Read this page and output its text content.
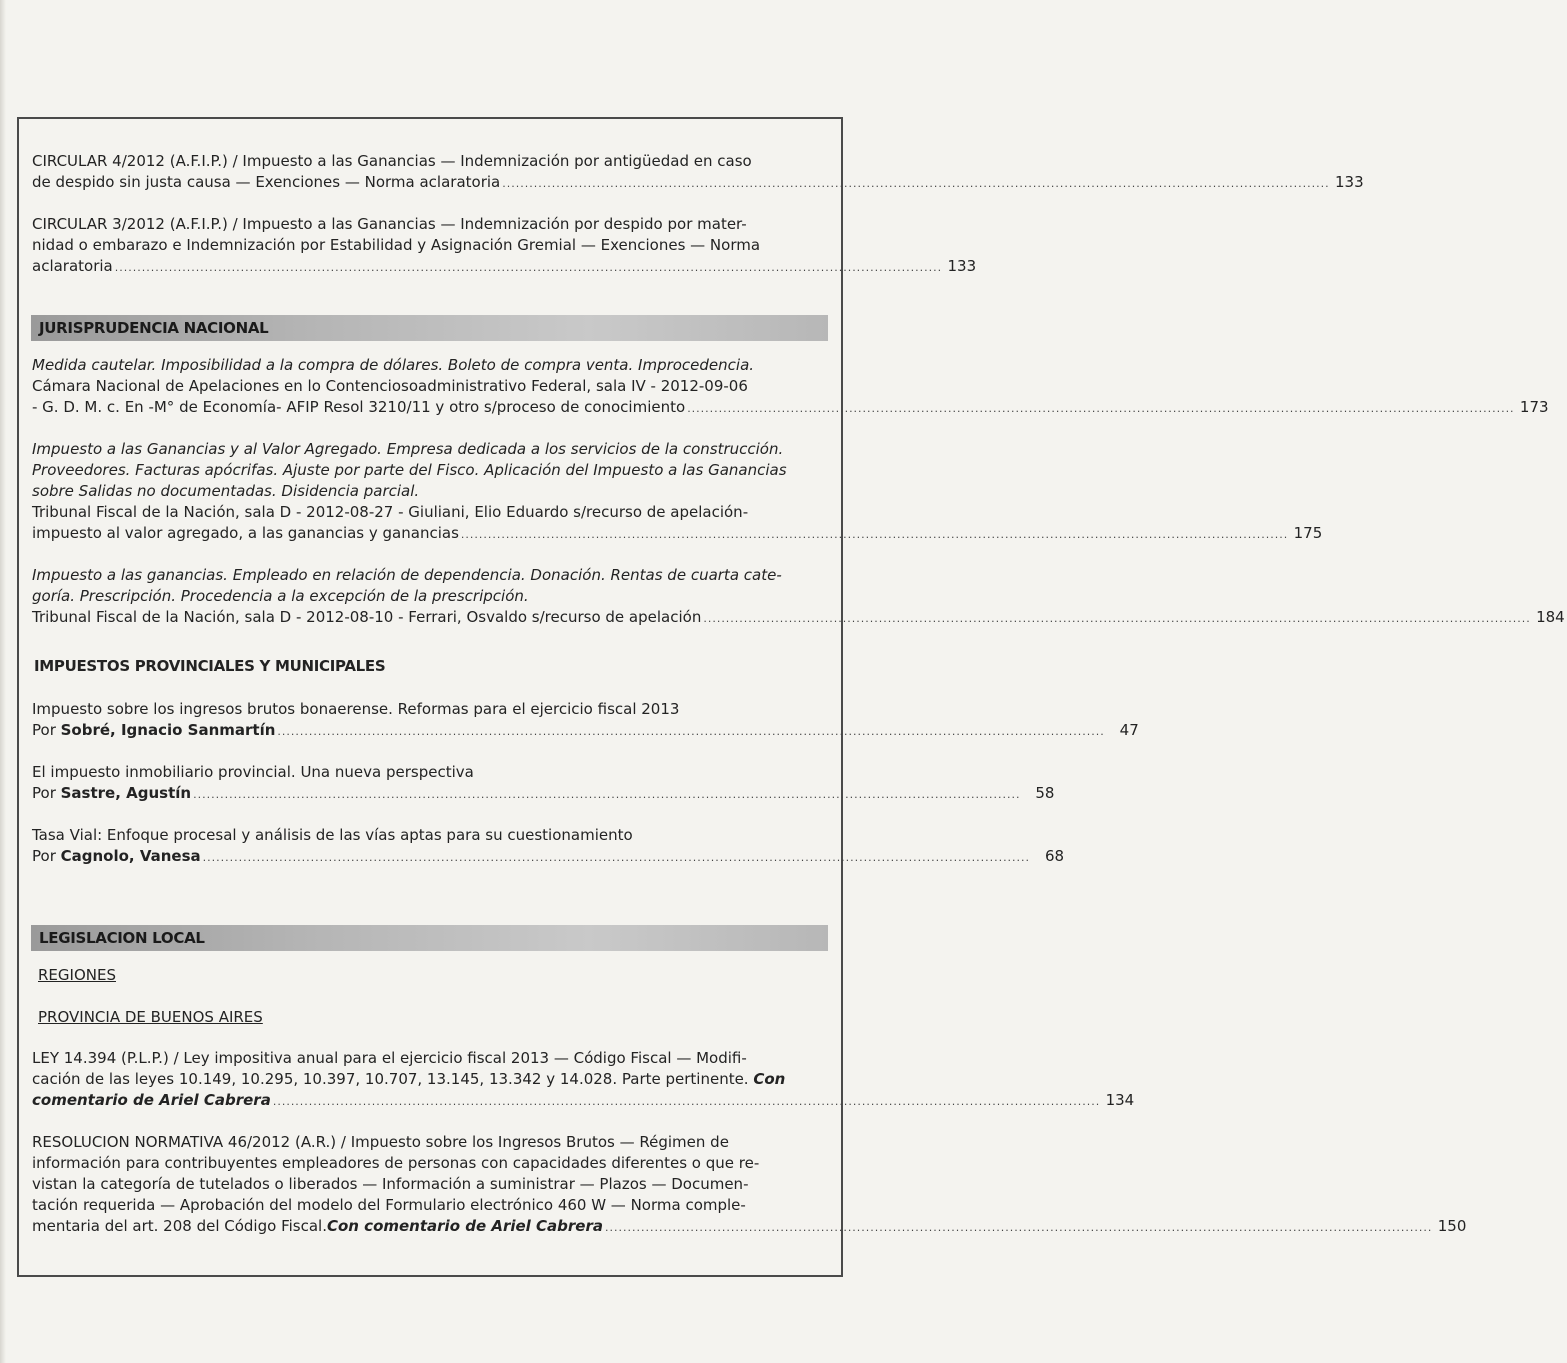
CIRCULAR 4/2012 (A.F.I.P.) / Impuesto a las Ganancias — Indemnización por antigüedad en caso
de despido sin justa causa — Exenciones — Norma aclaratoria ........................................................................................................................................................................................ 133
CIRCULAR 3/2012 (A.F.I.P.) / Impuesto a las Ganancias — Indemnización por despido por mater-
nidad o embarazo e Indemnización por Estabilidad y Asignación Gremial — Exenciones — Norma
aclaratoria ........................................................................................................................................................................................ 133
JURISPRUDENCIA NACIONAL
Medida cautelar. Imposibilidad a la compra de dólares. Boleto de compra venta. Improcedencia.
Cámara Nacional de Apelaciones en lo Contenciosoadministrativo Federal, sala IV - 2012-09-06
- G. D. M. c. En -M° de Economía- AFIP Resol 3210/11 y otro s/proceso de conocimiento ........................................................................................................................................................................................ 173
Impuesto a las Ganancias y al Valor Agregado. Empresa dedicada a los servicios de la construcción.
Proveedores. Facturas apócrifas. Ajuste por parte del Fisco. Aplicación del Impuesto a las Ganancias
sobre Salidas no documentadas. Disidencia parcial.
Tribunal Fiscal de la Nación, sala D - 2012-08-27 - Giuliani, Elio Eduardo s/recurso de apelación-
impuesto al valor agregado, a las ganancias y ganancias ........................................................................................................................................................................................ 175
Impuesto a las ganancias. Empleado en relación de dependencia. Donación. Rentas de cuarta cate-
goría. Prescripción. Procedencia a la excepción de la prescripción.
Tribunal Fiscal de la Nación, sala D - 2012-08-10 - Ferrari, Osvaldo s/recurso de apelación ........................................................................................................................................................................................ 184
IMPUESTOS PROVINCIALES Y MUNICIPALES
Impuesto sobre los ingresos brutos bonaerense. Reformas para el ejercicio fiscal 2013
Por Sobré, Ignacio Sanmartín ........................................................................................................................................................................................ 47
El impuesto inmobiliario provincial. Una nueva perspectiva
Por Sastre, Agustín ........................................................................................................................................................................................ 58
Tasa Vial: Enfoque procesal y análisis de las vías aptas para su cuestionamiento
Por Cagnolo, Vanesa ........................................................................................................................................................................................ 68
LEGISLACION LOCAL
REGIONES
PROVINCIA DE BUENOS AIRES
LEY 14.394 (P.L.P.) / Ley impositiva anual para el ejercicio fiscal 2013 — Código Fiscal — Modifi-
cación de las leyes 10.149, 10.295, 10.397, 10.707, 13.145, 13.342 y 14.028. Parte pertinente. Con
comentario de Ariel Cabrera ........................................................................................................................................................................................ 134
RESOLUCION NORMATIVA 46/2012 (A.R.) / Impuesto sobre los Ingresos Brutos — Régimen de
información para contribuyentes empleadores de personas con capacidades diferentes o que re-
vistan la categoría de tutelados o liberados — Información a suministrar — Plazos — Documen-
tación requerida — Aprobación del modelo del Formulario electrónico 460 W — Norma comple-
mentaria del art. 208 del Código Fiscal.Con comentario de Ariel Cabrera ........................................................................................................................................................................................ 150
